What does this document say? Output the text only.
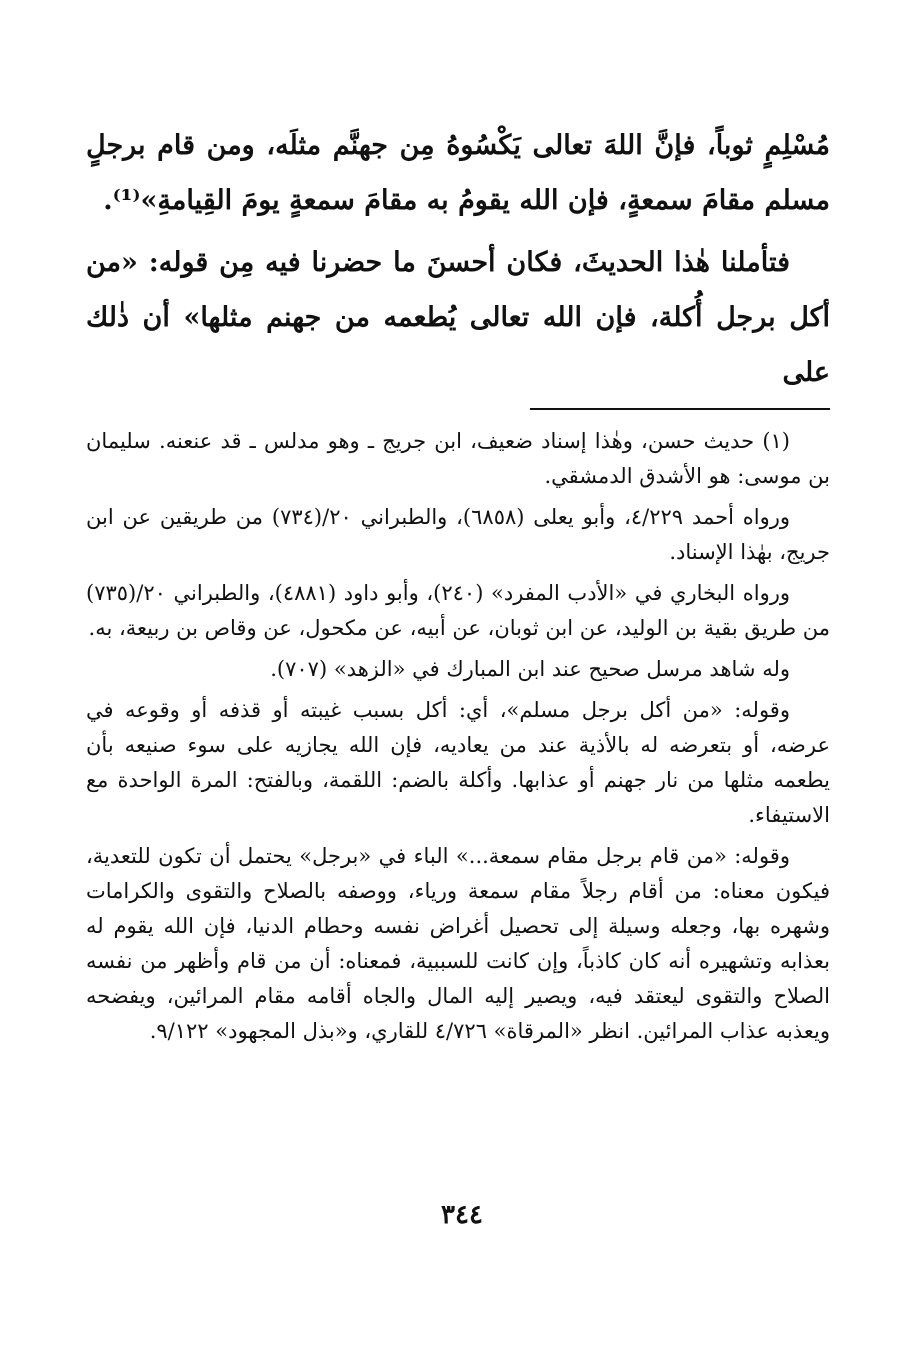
مُسْلِمٍ ثوباً، فإنَّ اللهَ تعالى يَكْسُوهُ مِن جهنَّم مثلَه، ومن قام برجلٍ مسلم مقامَ سمعةٍ، فإن الله يقومُ به مقامَ سمعةٍ يومَ القِيامةِ»⁽¹⁾.

فتأملنا هٰذا الحديثَ، فكان أحسنَ ما حضرنا فيه مِن قوله: «من أكل برجل أُكلة، فإن الله تعالى يُطعمه من جهنم مثلها» أن ذٰلك على

(١) حديث حسن، وهٰذا إسناد ضعيف، ابن جريج ـ وهو مدلس ـ قد عنعنه. سليمان بن موسى: هو الأشدق الدمشقي.

ورواه أحمد ٤/٢٢٩، وأبو يعلى (٦٨٥٨)، والطبراني ٢٠/(٧٣٤) من طريقين عن ابن جريج، بهٰذا الإسناد.

ورواه البخاري في «الأدب المفرد» (٢٤٠)، وأبو داود (٤٨٨١)، والطبراني ٢٠/(٧٣٥) من طريق بقية بن الوليد، عن ابن ثوبان، عن أبيه، عن مكحول، عن وقاص بن ربيعة، به.

وله شاهد مرسل صحيح عند ابن المبارك في «الزهد» (٧٠٧).

وقوله: «من أكل برجل مسلم»، أي: أكل بسبب غيبته أو قذفه أو وقوعه في عرضه، أو بتعرضه له بالأذية عند من يعاديه، فإن الله يجازيه على سوء صنيعه بأن يطعمه مثلها من نار جهنم أو عذابها. وأكلة بالضم: اللقمة، وبالفتح: المرة الواحدة مع الاستيفاء.

وقوله: «من قام برجل مقام سمعة...» الباء في «برجل» يحتمل أن تكون للتعدية، فيكون معناه: من أقام رجلاً مقام سمعة ورياء، ووصفه بالصلاح والتقوى والكرامات وشهره بها، وجعله وسيلة إلى تحصيل أغراض نفسه وحطام الدنيا، فإن الله يقوم له بعذابه وتشهيره أنه كان كاذباً، وإن كانت للسببية، فمعناه: أن من قام وأظهر من نفسه الصلاح والتقوى ليعتقد فيه، ويصير إليه المال والجاه أقامه مقام المرائين، ويفضحه ويعذبه عذاب المرائين. انظر «المرقاة» ٤/٧٢٦ للقاري، و«بذل المجهود» ٩/١٢٢.

٣٤٤
